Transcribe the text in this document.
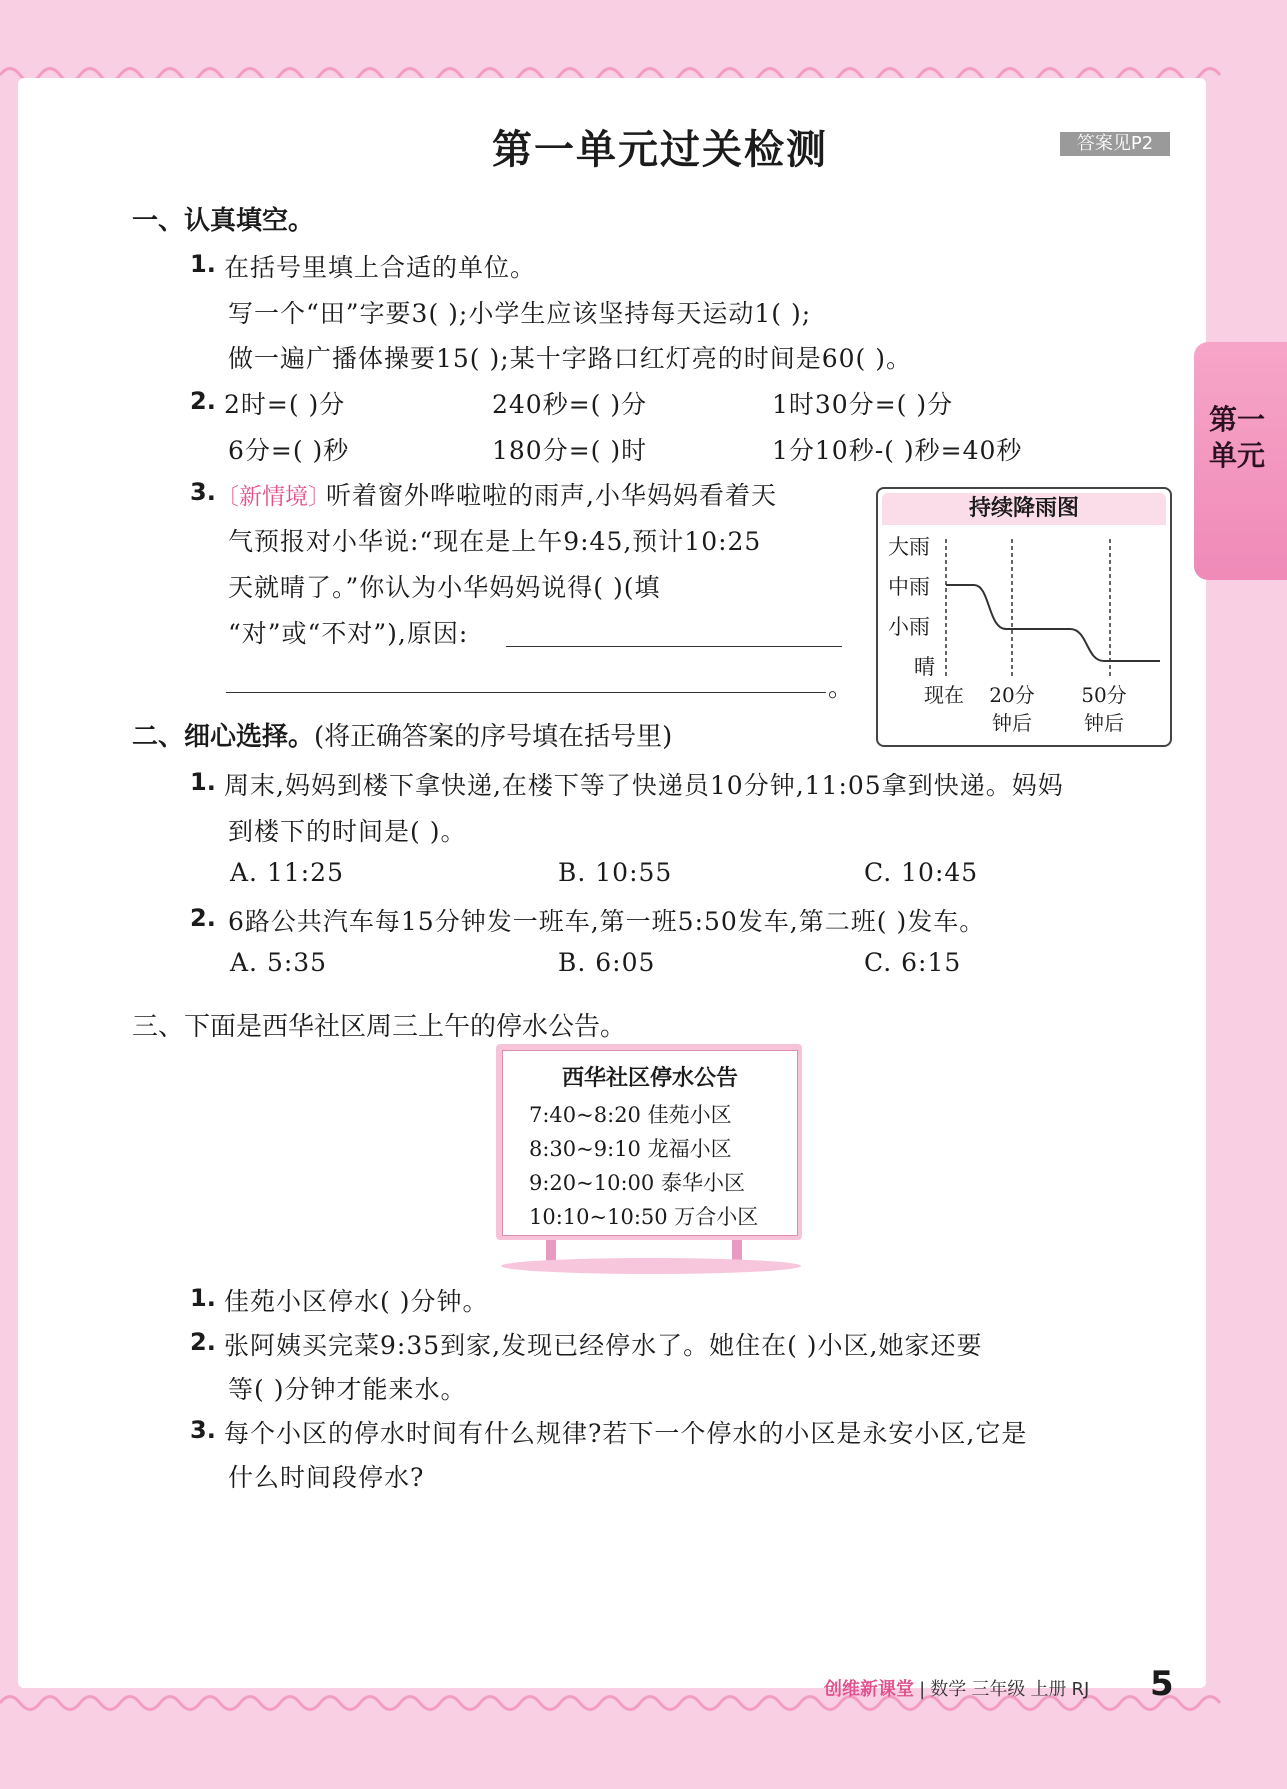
第一单元
第一单元过关检测	答案见P2
一、认真填空。
1. 在括号里填上合适的单位。
写一个“田”字要3( );小学生应该坚持每天运动1( );
做一遍广播体操要15( );某十字路口红灯亮的时间是60( )。
2. 2时=( )分	240秒=( )分	1时30分=( )分
6分=( )秒	180分=( )时	1分10秒-( )秒=40秒
3. 〔新情境〕
听着窗外哗啦啦的雨声,小华妈妈看着天
气预报对小华说:“现在是上午9:45,预计10:25
天就晴了。”你认为小华妈妈说得( )(填
“对”或“不对”),原因:
。
持续降雨图
大雨
中雨
小雨
晴
现在	20分
钟后
50分
钟后
二、细心选择。(将正确答案的序号填在括号里)
1. 周末,妈妈到楼下拿快递,在楼下等了快递员10分钟,11:05拿到快递。妈妈
到楼下的时间是( )。
A. 11:25	B. 10:55	C. 10:45
2. 6路公共汽车每15分钟发一班车,第一班5:50发车,第二班( )发车。
A. 5:35	B. 6:05	C. 6:15
三、下面是西华社区周三上午的停水公告。
西华社区停水公告
7:40~8:20 佳苑小区
8:30~9:10 龙福小区
9:20~10:00 泰华小区
10:10~10:50 万合小区
1. 佳苑小区停水( )分钟。
2. 张阿姨买完菜9:35到家,发现已经停水了。她住在( )小区,她家还要
等( )分钟才能来水。
3. 每个小区的停水时间有什么规律?若下一个停水的小区是永安小区,它是
什么时间段停水?
创维新课堂 | 数学 三年级 上册 RJ 5
